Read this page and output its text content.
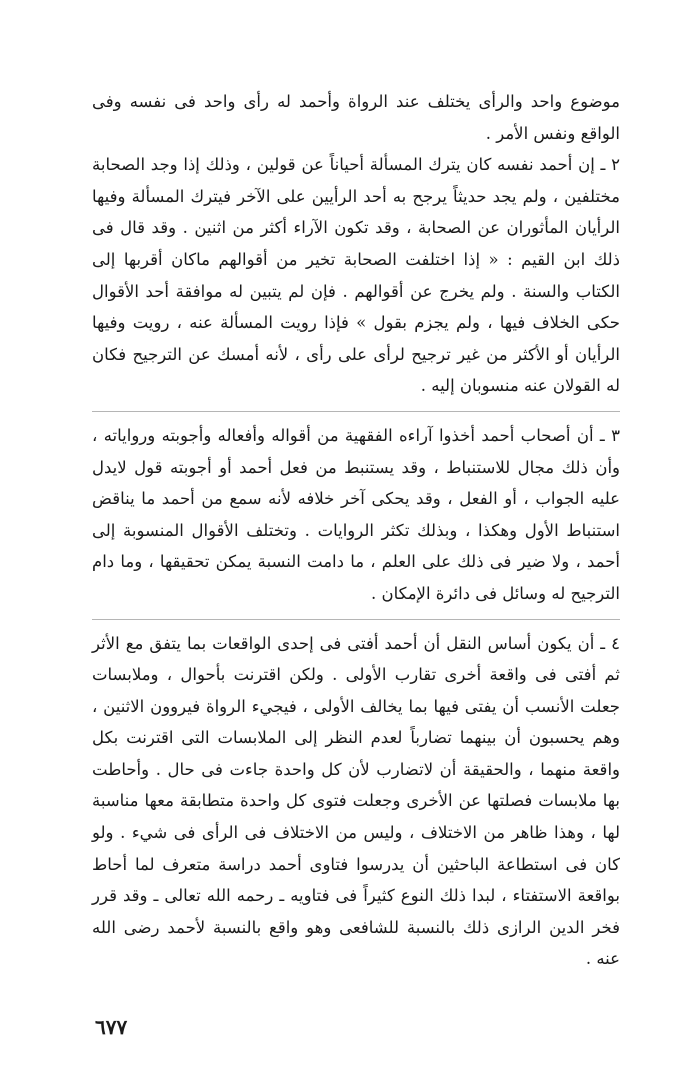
موضوع واحد والرأى يختلف عند الرواة وأحمد له رأى واحد فى نفسه وفى الواقع ونفس الأمر .

٢ ـ إن أحمد نفسه كان يترك المسألة أحياناً عن قولين ، وذلك إذا وجد الصحابة مختلفين ، ولم يجد حديثاً يرجح به أحد الرأيين على الآخر فيترك المسألة وفيها الرأيان المأثوران عن الصحابة ، وقد تكون الآراء أكثر من اثنين . وقد قال فى ذلك ابن القيم : « إذا اختلفت الصحابة تخير من أقوالهم ماكان أقربها إلى الكتاب والسنة . ولم يخرج عن أقوالهم . فإن لم يتبين له موافقة أحد الأقوال حكى الخلاف فيها ، ولم يجزم بقول » فإذا رويت المسألة عنه ، رويت وفيها الرأيان أو الأكثر من غير ترجيح لرأى على رأى ، لأنه أمسك عن الترجيح فكان له القولان عنه منسوبان إليه .

٣ ـ أن أصحاب أحمد أخذوا آراءه الفقهية من أقواله وأفعاله وأجوبته ورواياته ، وأن ذلك مجال للاستنباط ، وقد يستنبط من فعل أحمد أو أجوبته قول لايدل عليه الجواب ، أو الفعل ، وقد يحكى آخر خلافه لأنه سمع من أحمد ما يناقض استنباط الأول وهكذا ، وبذلك تكثر الروايات . وتختلف الأقوال المنسوبة إلى أحمد ، ولا ضير فى ذلك على العلم ، ما دامت النسبة يمكن تحقيقها ، وما دام الترجيح له وسائل فى دائرة الإمكان .

٤ ـ أن يكون أساس النقل أن أحمد أفتى فى إحدى الواقعات بما يتفق مع الأثر ثم أفتى فى واقعة أخرى تقارب الأولى . ولكن اقترنت بأحوال ، وملابسات جعلت الأنسب أن يفتى فيها بما يخالف الأولى ، فيجيء الرواة فيروون الاثنين ، وهم يحسبون أن بينهما تضارباً لعدم النظر إلى الملابسات التى اقترنت بكل واقعة منهما ، والحقيقة أن لاتضارب لأن كل واحدة جاءت فى حال . وأحاطت بها ملابسات فصلتها عن الأخرى وجعلت فتوى كل واحدة متطابقة معها مناسبة لها ، وهذا ظاهر من الاختلاف ، وليس من الاختلاف فى الرأى فى شيء . ولو كان فى استطاعة الباحثين أن يدرسوا فتاوى أحمد دراسة متعرف لما أحاط بواقعة الاستفتاء ، لبدا ذلك النوع كثيراً فى فتاويه ـ رحمه الله تعالى ـ وقد قرر فخر الدين الرازى ذلك بالنسبة للشافعى وهو واقع بالنسبة لأحمد رضى الله عنه .

٦٧٧
